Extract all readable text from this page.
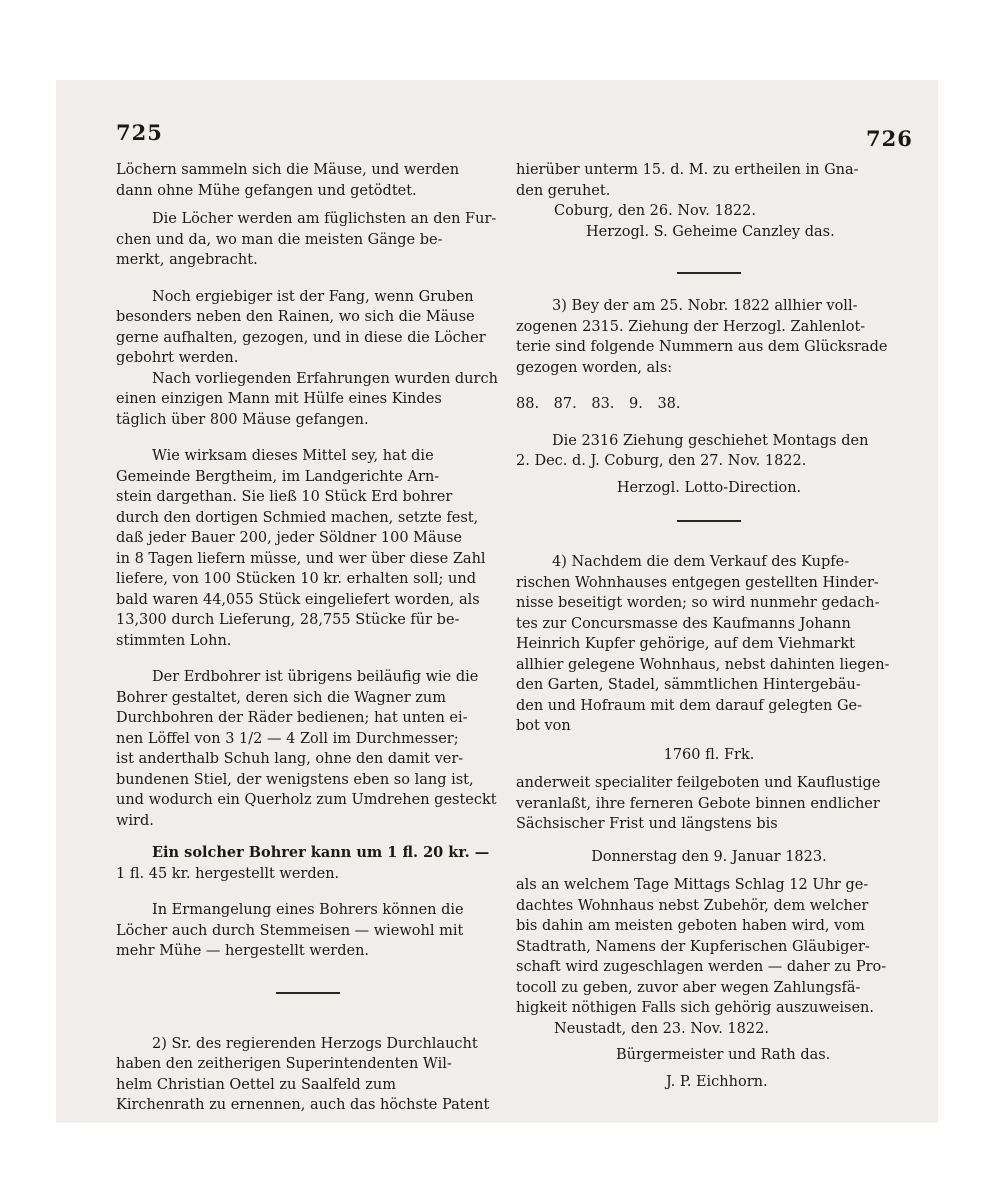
725	726

Löchern sammeln sich die Mäuse, und werden

dann ohne Mühe gefangen und getödtet.

Die Löcher werden am füglichsten an den Fur-

chen und da, wo man die meisten Gänge be-

merkt, angebracht.

Noch ergiebiger ist der Fang, wenn Gruben

besonders neben den Rainen, wo sich die Mäuse

gerne aufhalten, gezogen, und in diese die Löcher

gebohrt werden.

Nach vorliegenden Erfahrungen wurden durch

einen einzigen Mann mit Hülfe eines Kindes

täglich über 800 Mäuse gefangen.

Wie wirksam dieses Mittel sey, hat die

Gemeinde Bergtheim, im Landgerichte Arn-

stein dargethan. Sie ließ 10 Stück Erd bohrer

durch den dortigen Schmied machen, setzte fest,

daß jeder Bauer 200, jeder Söldner 100 Mäuse

in 8 Tagen liefern müsse, und wer über diese Zahl

liefere, von 100 Stücken 10 kr. erhalten soll; und

bald waren 44,055 Stück eingeliefert worden, als

13,300 durch Lieferung, 28,755 Stücke für be-

stimmten Lohn.

Der Erdbohrer ist übrigens beiläufig wie die

Bohrer gestaltet, deren sich die Wagner zum

Durchbohren der Räder bedienen; hat unten ei-

nen Löffel von 3 1/2 — 4 Zoll im Durchmesser;

ist anderthalb Schuh lang, ohne den damit ver-

bundenen Stiel, der wenigstens eben so lang ist,

und wodurch ein Querholz zum Umdrehen gesteckt

wird.

Ein solcher Bohrer kann um 1 fl. 20 kr. —

1 fl. 45 kr. hergestellt werden.

In Ermangelung eines Bohrers können die

Löcher auch durch Stemmeisen — wiewohl mit

mehr Mühe — hergestellt werden.

2) Sr. des regierenden Herzogs Durchlaucht

haben den zeitherigen Superintendenten Wil-

helm Christian Oettel zu Saalfeld zum

Kirchenrath zu ernennen, auch das höchste Patent

hierüber unterm 15. d. M. zu ertheilen in Gna-

den geruhet.

Coburg, den 26. Nov. 1822.

Herzogl. S. Geheime Canzley das.

3) Bey der am 25. Nobr. 1822 allhier voll-

zogenen 2315. Ziehung der Herzogl. Zahlenlot-

terie sind folgende Nummern aus dem Glücksrade

gezogen worden, als:

88. 87. 83. 9. 38.

Die 2316 Ziehung geschiehet Montags den

2. Dec. d. J. Coburg, den 27. Nov. 1822.

Herzogl. Lotto-Direction.

4) Nachdem die dem Verkauf des Kupfe-

rischen Wohnhauses entgegen gestellten Hinder-

nisse beseitigt worden; so wird nunmehr gedach-

tes zur Concursmasse des Kaufmanns Johann

Heinrich Kupfer gehörige, auf dem Viehmarkt

allhier gelegene Wohnhaus, nebst dahinten liegen-

den Garten, Stadel, sämmtlichen Hintergebäu-

den und Hofraum mit dem darauf gelegten Ge-

bot von

1760 fl. Frk.

anderweit specialiter feilgeboten und Kauflustige

veranlaßt, ihre ferneren Gebote binnen endlicher

Sächsischer Frist und längstens bis

Donnerstag den 9. Januar 1823.

als an welchem Tage Mittags Schlag 12 Uhr ge-

dachtes Wohnhaus nebst Zubehör, dem welcher

bis dahin am meisten geboten haben wird, vom

Stadtrath, Namens der Kupferischen Gläubiger-

schaft wird zugeschlagen werden — daher zu Pro-

tocoll zu geben, zuvor aber wegen Zahlungsfä-

higkeit nöthigen Falls sich gehörig auszuweisen.

Neustadt, den 23. Nov. 1822.

Bürgermeister und Rath das.

J. P. Eichhorn.
